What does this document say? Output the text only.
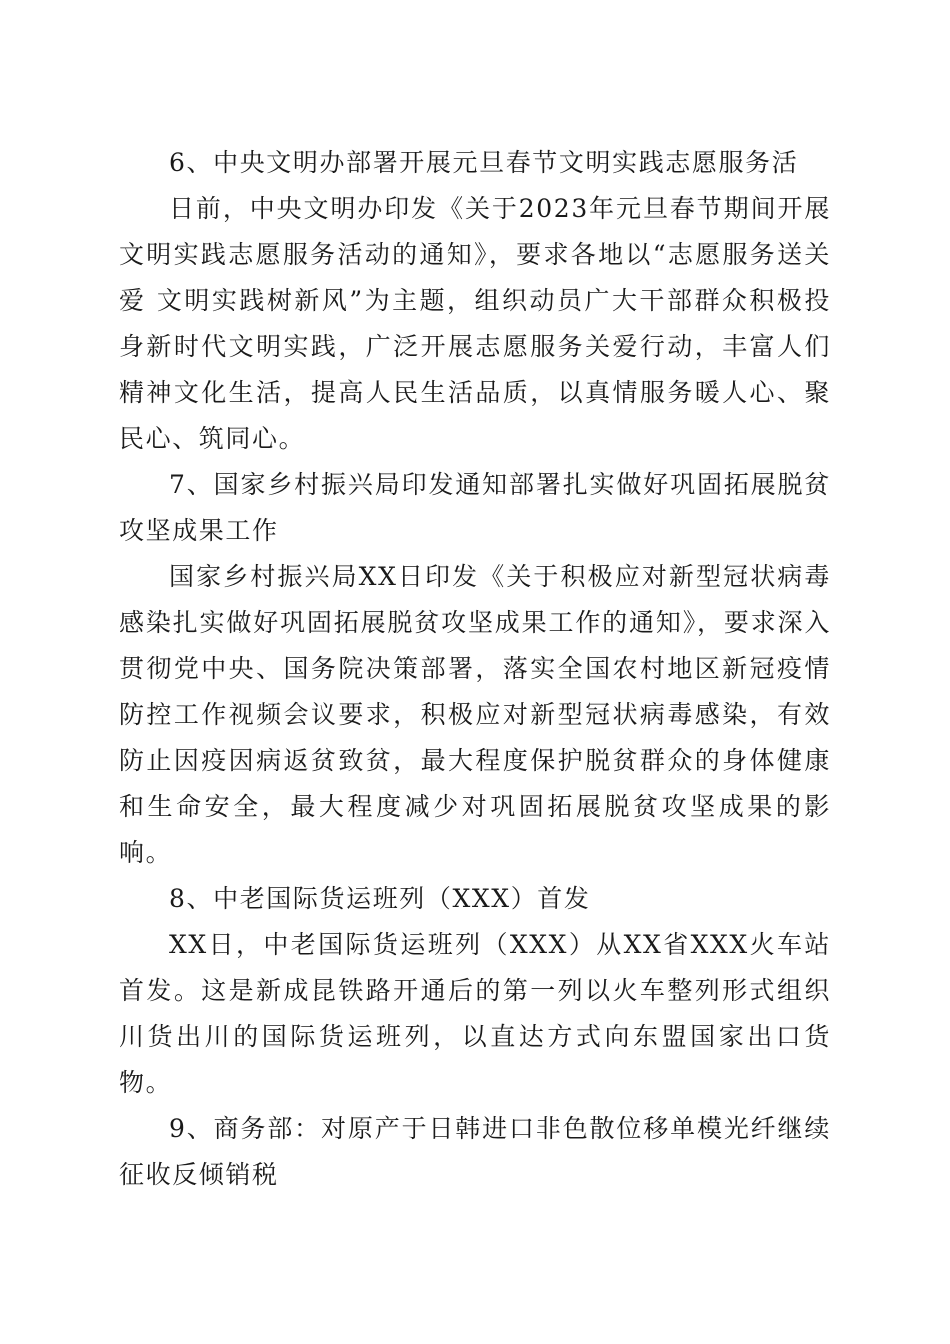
6、中央文明办部署开展元旦春节文明实践志愿服务活

日前，中央文明办印发《关于2023年元旦春节期间开展文明实践志愿服务活动的通知》，要求各地以“志愿服务送关爱 文明实践树新风”为主题，组织动员广大干部群众积极投身新时代文明实践，广泛开展志愿服务关爱行动，丰富人们精神文化生活，提高人民生活品质，以真情服务暖人心、聚民心、筑同心。

7、国家乡村振兴局印发通知部署扎实做好巩固拓展脱贫攻坚成果工作

国家乡村振兴局XX日印发《关于积极应对新型冠状病毒感染扎实做好巩固拓展脱贫攻坚成果工作的通知》，要求深入贯彻党中央、国务院决策部署，落实全国农村地区新冠疫情防控工作视频会议要求，积极应对新型冠状病毒感染，有效防止因疫因病返贫致贫，最大程度保护脱贫群众的身体健康和生命安全，最大程度减少对巩固拓展脱贫攻坚成果的影响。

8、中老国际货运班列（XXX）首发

XX日，中老国际货运班列（XXX）从XX省XXX火车站首发。这是新成昆铁路开通后的第一列以火车整列形式组织川货出川的国际货运班列，以直达方式向东盟国家出口货物。

9、商务部：对原产于日韩进口非色散位移单模光纤继续征收反倾销税
